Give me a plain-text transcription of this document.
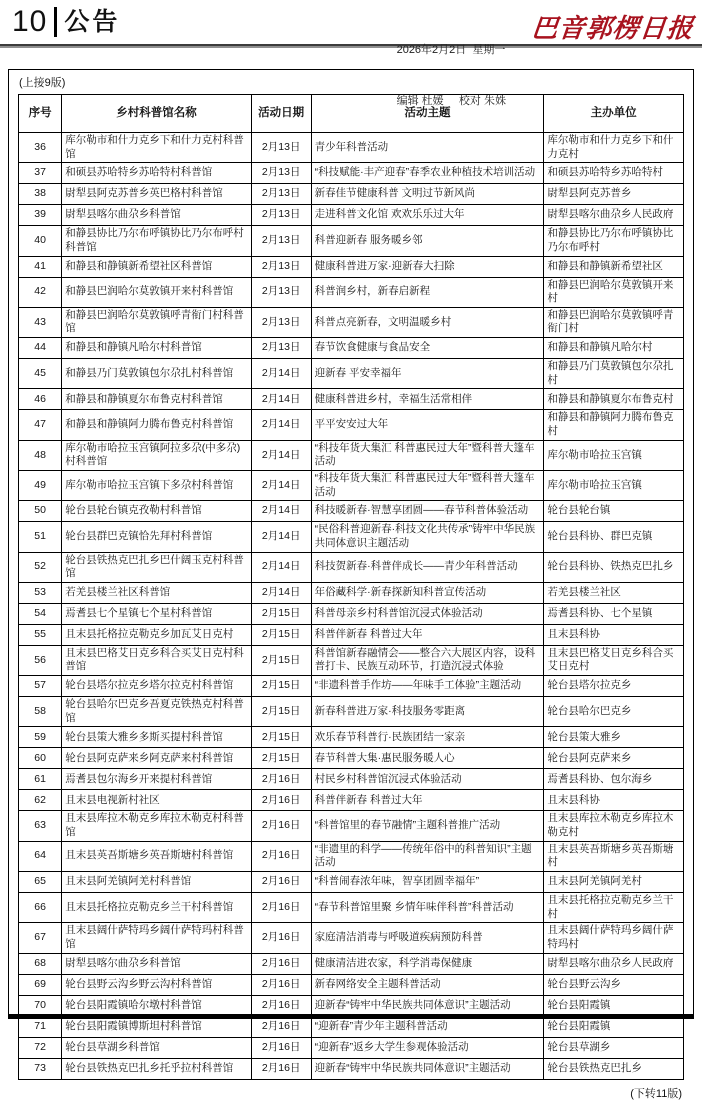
10 公告

2026年2月2日  星期一

编辑 杜媛     校对 朱姝

巴音郭楞日报
(上接9版)
序号	乡村科普馆名称	活动日期	活动主题	主办单位
36	库尔勒市和什力克乡下和什力克村科普馆	2月13日	青少年科普活动	库尔勒市和什力克乡下和什力克村
37	和硕县苏哈特乡苏哈特村科普馆	2月13日	“科技赋能·丰产迎春”春季农业种植技术培训活动	和硕县苏哈特乡苏哈特村
38	尉犁县阿克苏普乡英巴格村科普馆	2月13日	新春佳节健康科普 文明过节新风尚	尉犁县阿克苏普乡
39	尉犁县喀尔曲尕乡科普馆	2月13日	走进科普文化馆 欢欢乐乐过大年	尉犁县喀尔曲尕乡人民政府
40	和静县协比乃尔布呼镇协比乃尔布呼村科普馆	2月13日	科普迎新春 服务暖乡邻	和静县协比乃尔布呼镇协比乃尔布呼村
41	和静县和静镇新希望社区科普馆	2月13日	健康科普进万家·迎新春大扫除	和静县和静镇新希望社区
42	和静县巴润哈尔莫敦镇开来村科普馆	2月13日	科普润乡村，新春启新程	和静县巴润哈尔莫敦镇开来村
43	和静县巴润哈尔莫敦镇呼青衔门村科普馆	2月13日	科普点亮新春，文明温暖乡村	和静县巴润哈尔莫敦镇呼青衔门村
44	和静县和静镇凡哈尔村科普馆	2月13日	春节饮食健康与食品安全	和静县和静镇凡哈尔村
45	和静县乃门莫敦镇包尔尕扎村科普馆	2月14日	迎新春 平安幸福年	和静县乃门莫敦镇包尔尕扎村
46	和静县和静镇夏尔布鲁克村科普馆	2月14日	健康科普进乡村，幸福生活常相伴	和静县和静镇夏尔布鲁克村
47	和静县和静镇阿力腾布鲁克村科普馆	2月14日	平平安安过大年	和静县和静镇阿力腾布鲁克村
48	库尔勒市哈拉玉宫镇阿拉多尕(中多尕)村科普馆	2月14日	“科技年货大集汇 科普惠民过大年”暨科普大篷车活动	库尔勒市哈拉玉宫镇
49	库尔勒市哈拉玉宫镇下多尕村科普馆	2月14日	“科技年货大集汇 科普惠民过大年”暨科普大篷车活动	库尔勒市哈拉玉宫镇
50	轮台县轮台镇克孜勒村科普馆	2月14日	科技暖新春·智慧享团圆——春节科普体验活动	轮台县轮台镇
51	轮台县群巴克镇恰先拜村科普馆	2月14日	“民俗科普迎新春·科技文化共传承”铸牢中华民族共同体意识主题活动	轮台县科协、群巴克镇
52	轮台县铁热克巴扎乡巴什阔玉克村科普馆	2月14日	科技贺新春·科普伴成长——青少年科普活动	轮台县科协、铁热克巴扎乡
53	若羌县楼兰社区科普馆	2月14日	年俗藏科学·新春探新知科普宣传活动	若羌县楼兰社区
54	焉耆县七个星镇七个星村科普馆	2月15日	科普母亲乡村科普馆沉浸式体验活动	焉耆县科协、七个星镇
55	且末县托格拉克勒克乡加瓦艾日克村	2月15日	科普伴新春 科普过大年	且末县科协
56	且末县巴格艾日克乡科合买艾日克村科普馆	2月15日	科普馆新春融情会——整合六大展区内容，设科普打卡、民族互动环节，打造沉浸式体验	且末县巴格艾日克乡科合买艾日克村
57	轮台县塔尔拉克乡塔尔拉克村科普馆	2月15日	“非遗科普手作坊——年味手工体验”主题活动	轮台县塔尔拉克乡
58	轮台县哈尔巴克乡吾夏克铁热克村科普馆	2月15日	新春科普进万家·科技服务零距离	轮台县哈尔巴克乡
59	轮台县策大雅乡多斯买提村科普馆	2月15日	欢乐春节科普行·民族团结一家亲	轮台县策大雅乡
60	轮台县阿克萨来乡阿克萨来村科普馆	2月15日	春节科普大集·惠民服务暖人心	轮台县阿克萨来乡
61	焉耆县包尔海乡开来提村科普馆	2月16日	村民乡村科普馆沉浸式体验活动	焉耆县科协、包尔海乡
62	且末县电视新村社区	2月16日	科普伴新春 科普过大年	且末县科协
63	且末县库拉木勒克乡库拉木勒克村科普馆	2月16日	“科普馆里的春节融情”主题科普推广活动	且末县库拉木勒克乡库拉木勒克村
64	且末县英吾斯塘乡英吾斯塘村科普馆	2月16日	“非遗里的科学——传统年俗中的科普知识”主题活动	且末县英吾斯塘乡英吾斯塘村
65	且末县阿羌镇阿羌村科普馆	2月16日	“科普闹春浓年味，智享团圆幸福年”	且末县阿羌镇阿羌村
66	且末县托格拉克勒克乡兰干村科普馆	2月16日	“春节科普馆里聚 乡情年味伴科普”科普活动	且末县托格拉克勒克乡兰干村
67	且末县阔什萨特玛乡阔什萨特玛村科普馆	2月16日	家庭清洁消毒与呼吸道疾病预防科普	且末县阔什萨特玛乡阔什萨特玛村
68	尉犁县喀尔曲尕乡科普馆	2月16日	健康清洁进农家，科学消毒保健康	尉犁县喀尔曲尕乡人民政府
69	轮台县野云沟乡野云沟村科普馆	2月16日	新春网络安全主题科普活动	轮台县野云沟乡
70	轮台县阳霞镇哈尔墩村科普馆	2月16日	迎新春“铸牢中华民族共同体意识”主题活动	轮台县阳霞镇
71	轮台县阳霞镇博斯坦村科普馆	2月16日	“迎新春”青少年主题科普活动	轮台县阳霞镇
72	轮台县草湖乡科普馆	2月16日	“迎新春”返乡大学生参观体验活动	轮台县草湖乡
73	轮台县铁热克巴扎乡托乎拉村科普馆	2月16日	迎新春“铸牢中华民族共同体意识”主题活动	轮台县铁热克巴扎乡
(下转11版)
